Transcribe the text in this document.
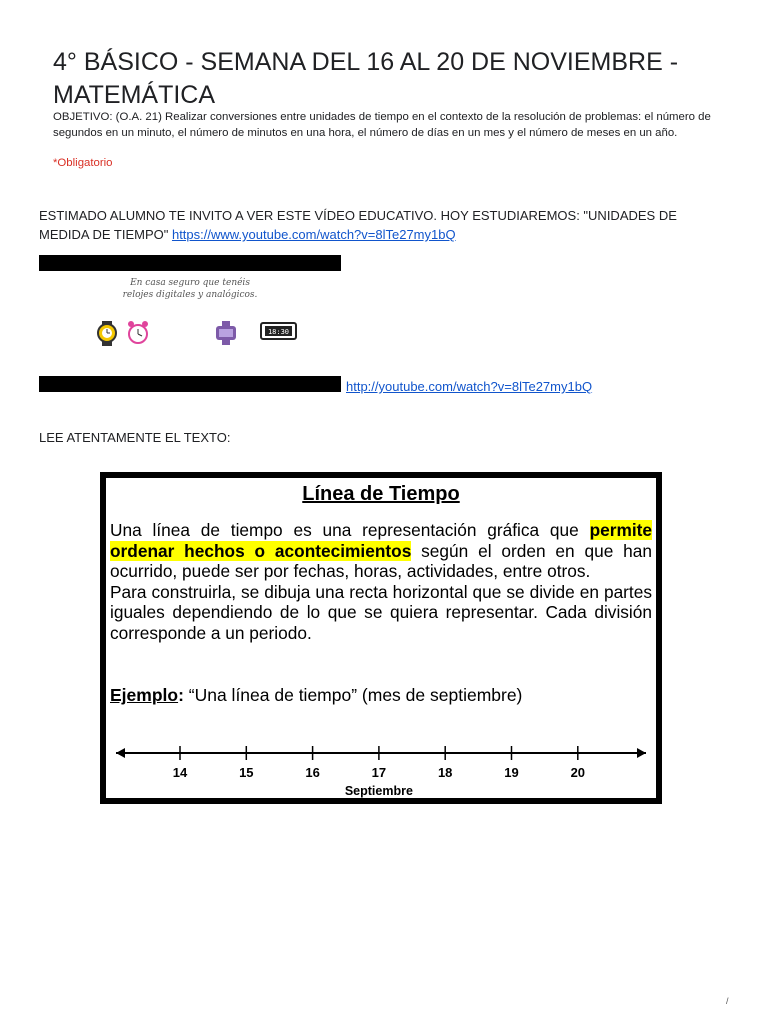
4° BÁSICO - SEMANA DEL 16 AL 20 DE NOVIEMBRE - MATEMÁTICA
OBJETIVO: (O.A. 21) Realizar conversiones entre unidades de tiempo en el contexto de la resolución de problemas: el número de segundos en un minuto, el número de minutos en una hora, el número de días en un mes y el número de meses en un año.
*Obligatorio
ESTIMADO ALUMNO TE INVITO A VER ESTE VÍDEO EDUCATIVO. HOY ESTUDIAREMOS: "UNIDADES DE MEDIDA DE TIEMPO" https://www.youtube.com/watch?v=8lTe27my1bQ
En casa seguro que tenéis
relojes digitales y analógicos.
18:30
http://youtube.com/watch?v=8lTe27my1bQ
LEE ATENTAMENTE EL TEXTO:
Línea de Tiempo

Una línea de tiempo es una representación gráfica que permite ordenar hechos o acontecimientos según el orden en que han ocurrido, puede ser por fechas, horas, actividades, entre otros.

Para construirla, se dibuja una recta horizontal que se divide en partes iguales dependiendo de lo que se quiera representar. Cada división corresponde a un periodo.

Ejemplo: “Una línea de tiempo” (mes de septiembre)
14	15	16	17	18	19	20
Septiembre
/
